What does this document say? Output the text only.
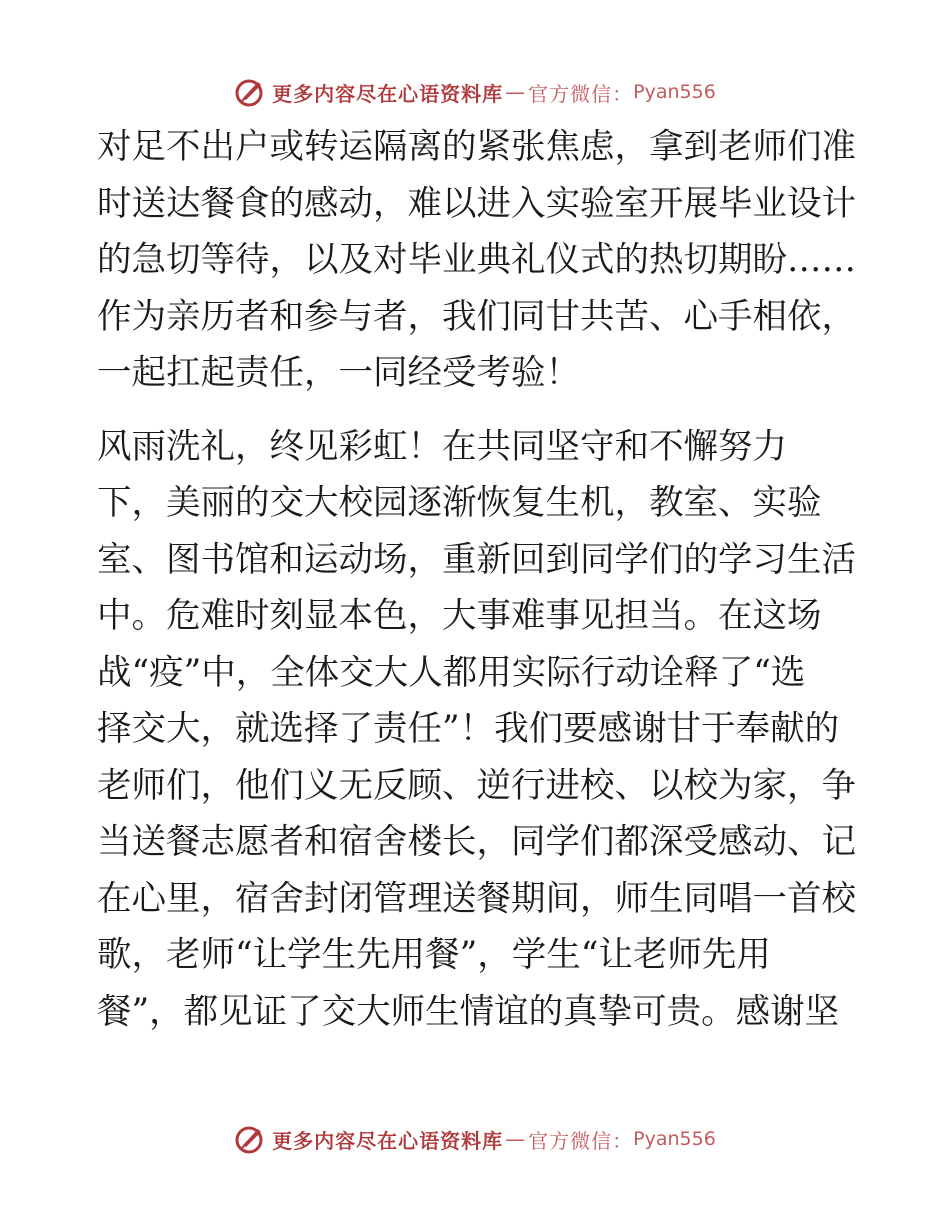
更多内容尽在心语资料库 — 官方微信： Pyan556
对足不出户或转运隔离的紧张焦虑，拿到老师们准
时送达餐食的感动，难以进入实验室开展毕业设计
的急切等待，以及对毕业典礼仪式的热切期盼……
作为亲历者和参与者，我们同甘共苦、心手相依，
一起扛起责任，一同经受考验！
风雨洗礼，终见彩虹！在共同坚守和不懈努力
下，美丽的交大校园逐渐恢复生机，教室、实验
室、图书馆和运动场，重新回到同学们的学习生活
中。危难时刻显本色，大事难事见担当。在这场
战“疫”中，全体交大人都用实际行动诠释了“选
择交大，就选择了责任”！我们要感谢甘于奉献的
老师们，他们义无反顾、逆行进校、以校为家，争
当送餐志愿者和宿舍楼长，同学们都深受感动、记
在心里，宿舍封闭管理送餐期间，师生同唱一首校
歌，老师“让学生先用餐”，学生“让老师先用
餐”，都见证了交大师生情谊的真挚可贵。感谢坚
更多内容尽在心语资料库 — 官方微信： Pyan556
